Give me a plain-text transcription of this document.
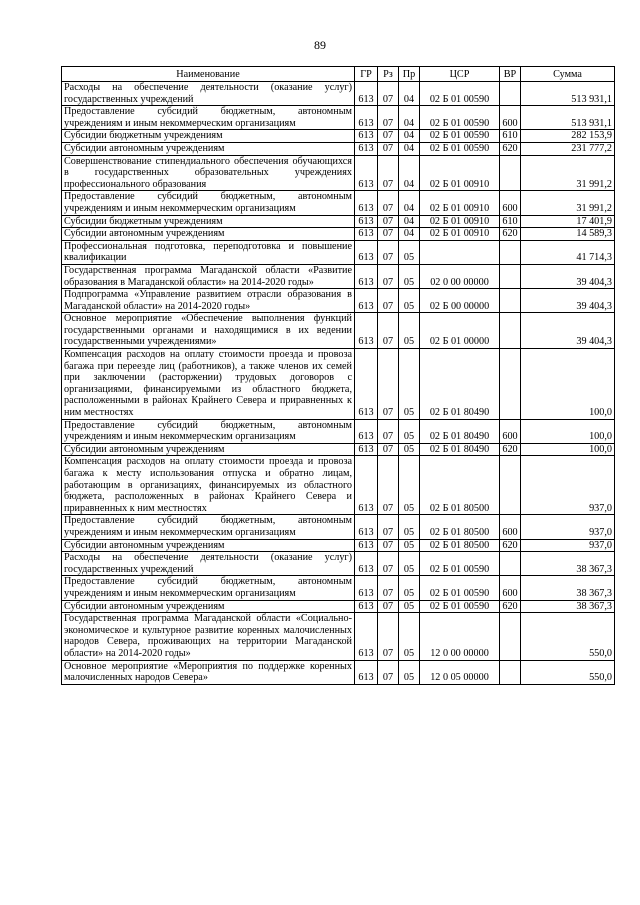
89
Наименование	ГР	Рз	Пр	ЦСР	ВР	Сумма
Расходы на обеспечение деятельности (оказание услуг) государственных учреждений	613	07	04	02 Б 01 00590		513 931,1
Предоставление субсидий бюджетным, автономным учреждениям и иным некоммерческим организациям	613	07	04	02 Б 01 00590	600	513 931,1
Субсидии бюджетным учреждениям	613	07	04	02 Б 01 00590	610	282 153,9
Субсидии автономным учреждениям	613	07	04	02 Б 01 00590	620	231 777,2
Совершенствование стипендиального обеспечения обучающихся в государственных образовательных учреждениях профессионального образования	613	07	04	02 Б 01 00910		31 991,2
Предоставление субсидий бюджетным, автономным учреждениям и иным некоммерческим организациям	613	07	04	02 Б 01 00910	600	31 991,2
Субсидии бюджетным учреждениям	613	07	04	02 Б 01 00910	610	17 401,9
Субсидии автономным учреждениям	613	07	04	02 Б 01 00910	620	14 589,3
Профессиональная подготовка, переподготовка и повышение квалификации	613	07	05			41 714,3
Государственная программа Магаданской области «Развитие образования в Магаданской области» на 2014-2020 годы»	613	07	05	02 0 00 00000		39 404,3
Подпрограмма «Управление развитием отрасли образования в Магаданской области» на 2014-2020 годы»	613	07	05	02 Б 00 00000		39 404,3
Основное мероприятие «Обеспечение выполнения функций государственными органами и находящимися в их ведении государственными учреждениями»	613	07	05	02 Б 01 00000		39 404,3
Компенсация расходов на оплату стоимости проезда и провоза багажа при переезде лиц (работников), а также членов их семей при заключении (расторжении) трудовых договоров с организациями, финансируемыми из областного бюджета, расположенными в районах Крайнего Севера и приравненных к ним местностях	613	07	05	02 Б 01 80490		100,0
Предоставление субсидий бюджетным, автономным учреждениям и иным некоммерческим организациям	613	07	05	02 Б 01 80490	600	100,0
Субсидии автономным учреждениям	613	07	05	02 Б 01 80490	620	100,0
Компенсация расходов на оплату стоимости проезда и провоза багажа к месту использования отпуска и обратно лицам, работающим в организациях, финансируемых из областного бюджета, расположенных в районах Крайнего Севера и приравненных к ним местностях	613	07	05	02 Б 01 80500		937,0
Предоставление субсидий бюджетным, автономным учреждениям и иным некоммерческим организациям	613	07	05	02 Б 01 80500	600	937,0
Субсидии автономным учреждениям	613	07	05	02 Б 01 80500	620	937,0
Расходы на обеспечение деятельности (оказание услуг) государственных учреждений	613	07	05	02 Б 01 00590		38 367,3
Предоставление субсидий бюджетным, автономным учреждениям и иным некоммерческим организациям	613	07	05	02 Б 01 00590	600	38 367,3
Субсидии автономным учреждениям	613	07	05	02 Б 01 00590	620	38 367,3
Государственная программа Магаданской области «Социально-экономическое и культурное развитие коренных малочисленных народов Севера, проживающих на территории Магаданской области» на 2014-2020 годы»	613	07	05	12 0 00 00000		550,0
Основное мероприятие «Мероприятия по поддержке коренных малочисленных народов Севера»	613	07	05	12 0 05 00000		550,0
